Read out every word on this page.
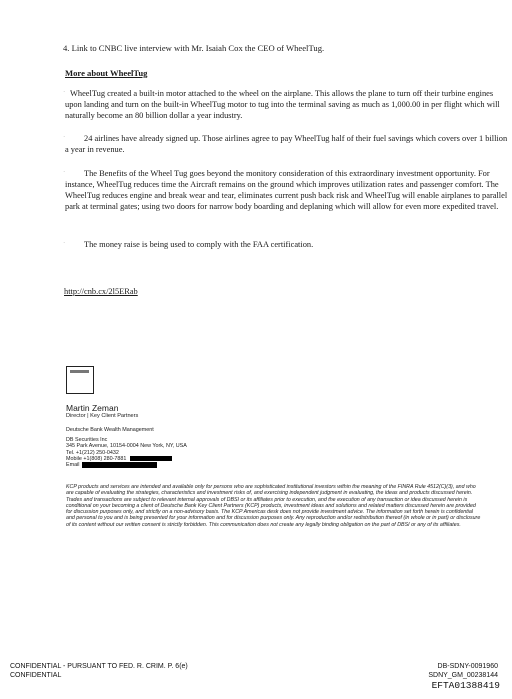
4. Link to CNBC live interview with Mr. Isaiah Cox the CEO of WheelTug.
More about WheelTug
· WheelTug created a built-in motor attached to the wheel on the airplane. This allows the plane to turn off their turbine engines upon landing and turn on the built-in WheelTug motor to tug into the terminal saving as much as 1,000.00 in per flight which will naturally become an 80 billion dollar a year industry.
·	24 airlines have already signed up. Those airlines agree to pay WheelTug half of their fuel savings which covers over 1 billion a year in revenue.
·	The Benefits of the Wheel Tug goes beyond the monitory consideration of this extraordinary investment opportunity. For instance, WheelTug reduces time the Aircraft remains on the ground which improves utilization rates and passenger comfort. The WheelTug reduces engine and break wear and tear, eliminates current push back risk and WheelTug will enable airplanes to parallel park at terminal gates; using two doors for narrow body boarding and deplaning which will allow for even more expedited travel.
·	The money raise is being used to comply with the FAA certification.
http://cnb.cx/2l5ERab
Martin Zeman
Director | Key Client Partners
Deutsche Bank Wealth Management
DB Securities Inc
345 Park Avenue, 10154-0004 New York, NY, USA
Tel. +1(212) 250-0432
Mobile +1(808) 280-7881
Email
KCP products and services are intended and available only for persons who are sophisticated institutional investors within the meaning of the FINRA Rule 4512(C)(3), and who are capable of evaluating the strategies, characteristics and investment risks of, and exercising independent judgment in evaluating, the ideas and products discussed herein. Trades and transactions are subject to relevant internal approvals of DBSI or its affiliates prior to execution, and the execution of any transaction or idea discussed herein is conditional on your becoming a client of Deutsche Bank Key Client Partners (KCP) products, investment ideas and solutions and related matters discussed herein are provided for discussion purposes only, and strictly on a non-advisory basis. The KCP Americas desk does not provide investment advice. The information set forth herein is confidential and personal to you and is being presented for your information and for discussion purposes only. Any reproduction and/or redistribution thereof (in whole or in part) or disclosure of its content without our written consent is strictly forbidden. This communication does not create any legally binding obligation on the part of DBSI or any of its affiliates.
CONFIDENTIAL - PURSUANT TO FED. R. CRIM. P. 6(e)
CONFIDENTIAL
DB-SDNY-0091960
SDNY_GM_00238144
EFTA01388419
